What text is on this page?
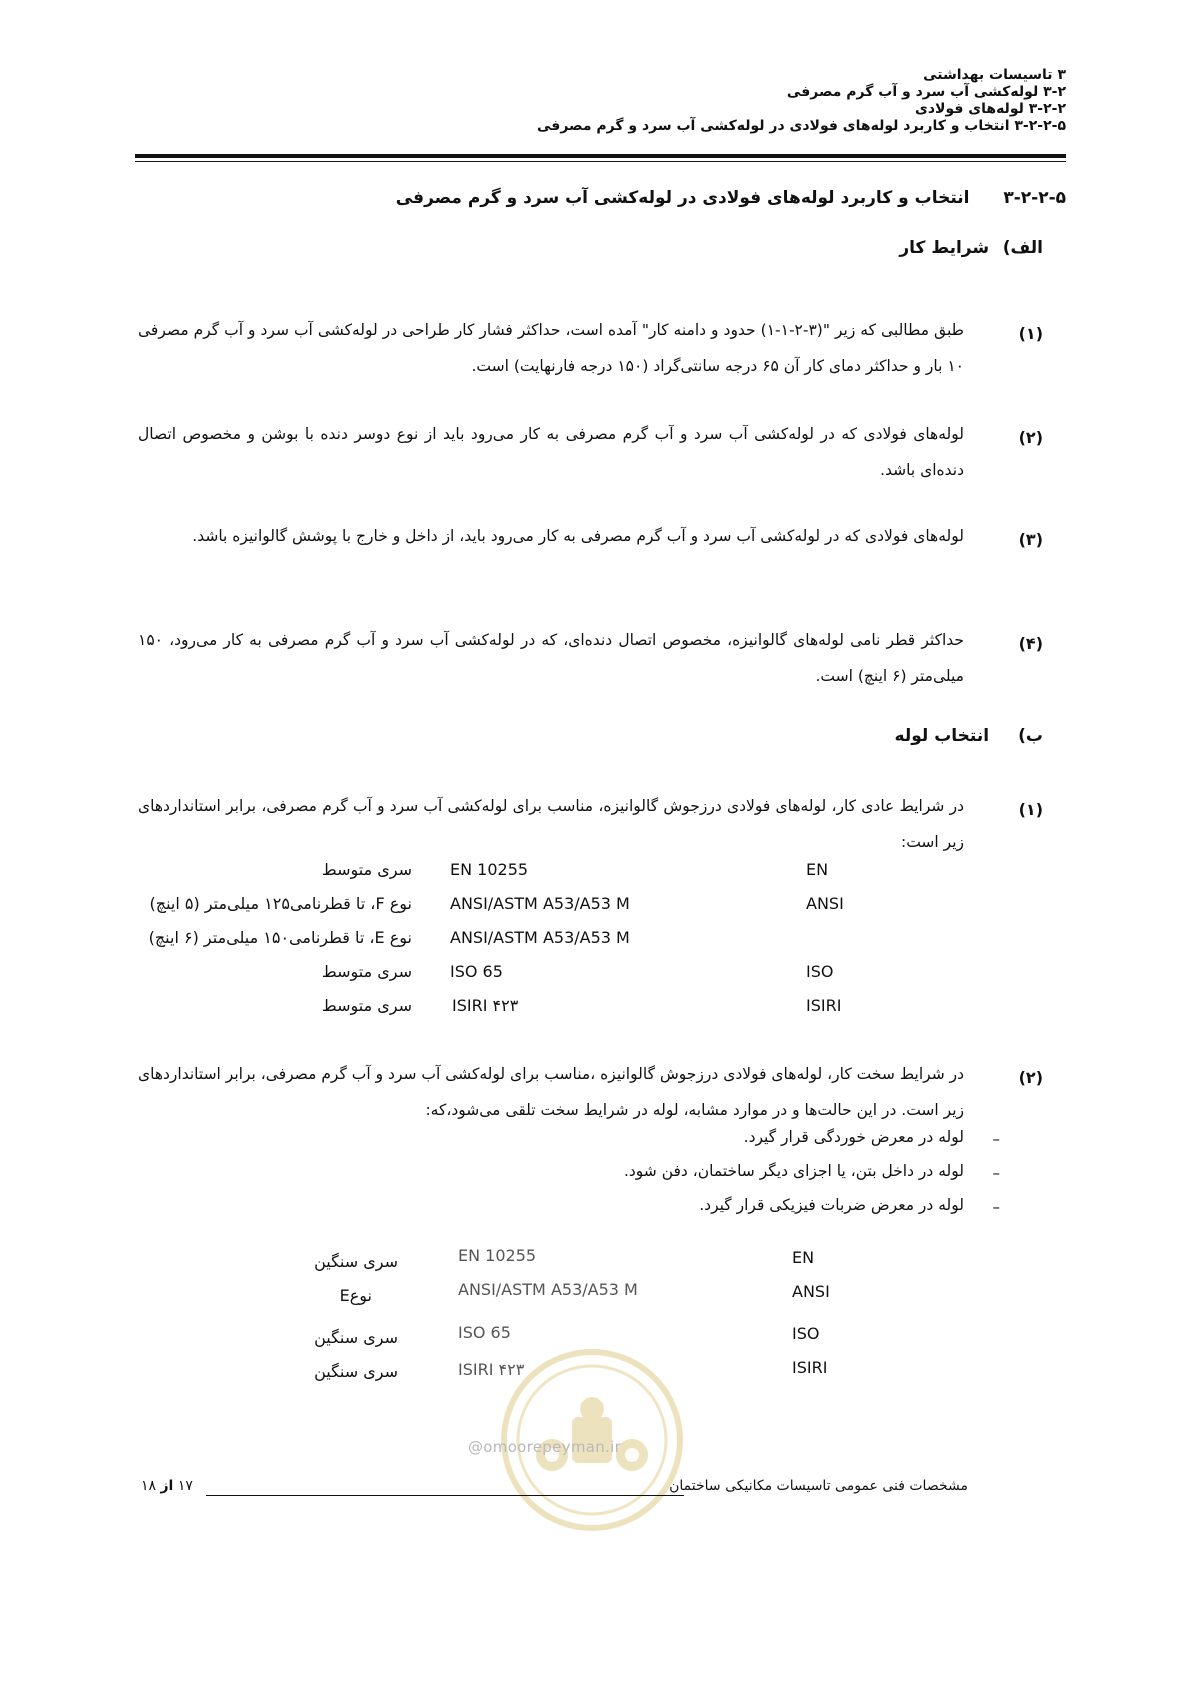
۳ تاسیسات بهداشتی
۳-۲ لوله‌کشی آب سرد و آب گرم مصرفی
۳-۲-۲ لوله‌های فولادی
۳-۲-۲-۵ انتخاب و کاربرد لوله‌های فولادی در لوله‌کشی آب سرد و گرم مصرفی
۳-۲-۲-۵  انتخاب و کاربرد لوله‌های فولادی در لوله‌کشی آب سرد و گرم مصرفی
الف) شرایط کار
(۱)
طبق مطالبی که زیر "(۳-۲-۱-۱) حدود و دامنه کار" آمده است، حداکثر فشار کار طراحی در لوله‌کشی آب سرد و آب گرم مصرفی ۱۰ بار و حداکثر دمای کار آن ۶۵ درجه سانتی‌گراد (۱۵۰ درجه فارنهایت) است.
(۲)
لوله‌های فولادی که در لوله‌کشی آب سرد و آب گرم مصرفی به کار می‌رود باید از نوع دوسر دنده با بوشن و مخصوص اتصال دنده‌ای باشد.
(۳)
لوله‌های فولادی که در لوله‌کشی آب سرد و آب گرم مصرفی به کار می‌رود باید، از داخل و خارج با پوشش گالوانیزه باشد.
(۴)
حداکثر قطر نامی لوله‌های گالوانیزه، مخصوص اتصال دنده‌ای، که در لوله‌کشی آب سرد و آب گرم مصرفی به کار می‌رود، ۱۵۰ میلی‌متر (۶ اینچ) است.
ب) انتخاب لوله
(۱)
در شرایط عادی کار، لوله‌های فولادی درزجوش گالوانیزه، مناسب برای لوله‌کشی آب سرد و آب گرم مصرفی، برابر استانداردهای زیر است:
EN
EN 10255
سری متوسط
ANSI
ANSI/ASTM A53/A53 M
نوع F، تا قطرنامی۱۲۵ میلی‌متر (۵ اینچ)
ANSI/ASTM A53/A53 M
نوع E، تا قطرنامی۱۵۰ میلی‌متر (۶ اینچ)
ISO
ISO 65
سری متوسط
ISIRI
ISIRI ۴۲۳
سری متوسط
(۲)
در شرایط سخت کار، لوله‌های فولادی درزجوش گالوانیزه ،مناسب برای لوله‌کشی آب سرد و آب گرم مصرفی، برابر استانداردهای زیر است. در این حالت‌ها و در موارد مشابه، لوله در شرایط سخت تلقی می‌شود،که:
–
لوله در معرض خوردگی قرار گیرد.
–
لوله در داخل بتن، یا اجزای دیگر ساختمان، دفن شود.
–
لوله در معرض ضربات فیزیکی قرار گیرد.
@omoorepeyman.ir
EN
EN 10255
سری سنگین
ANSI
ANSI/ASTM A53/A53 M
نوعE
ISO
ISO 65
سری سنگین
ISIRI
ISIRI ۴۲۳
سری سنگین
مشخصات فنی عمومی تاسیسات مکانیکی ساختمان
۱۷ از ۱۸
